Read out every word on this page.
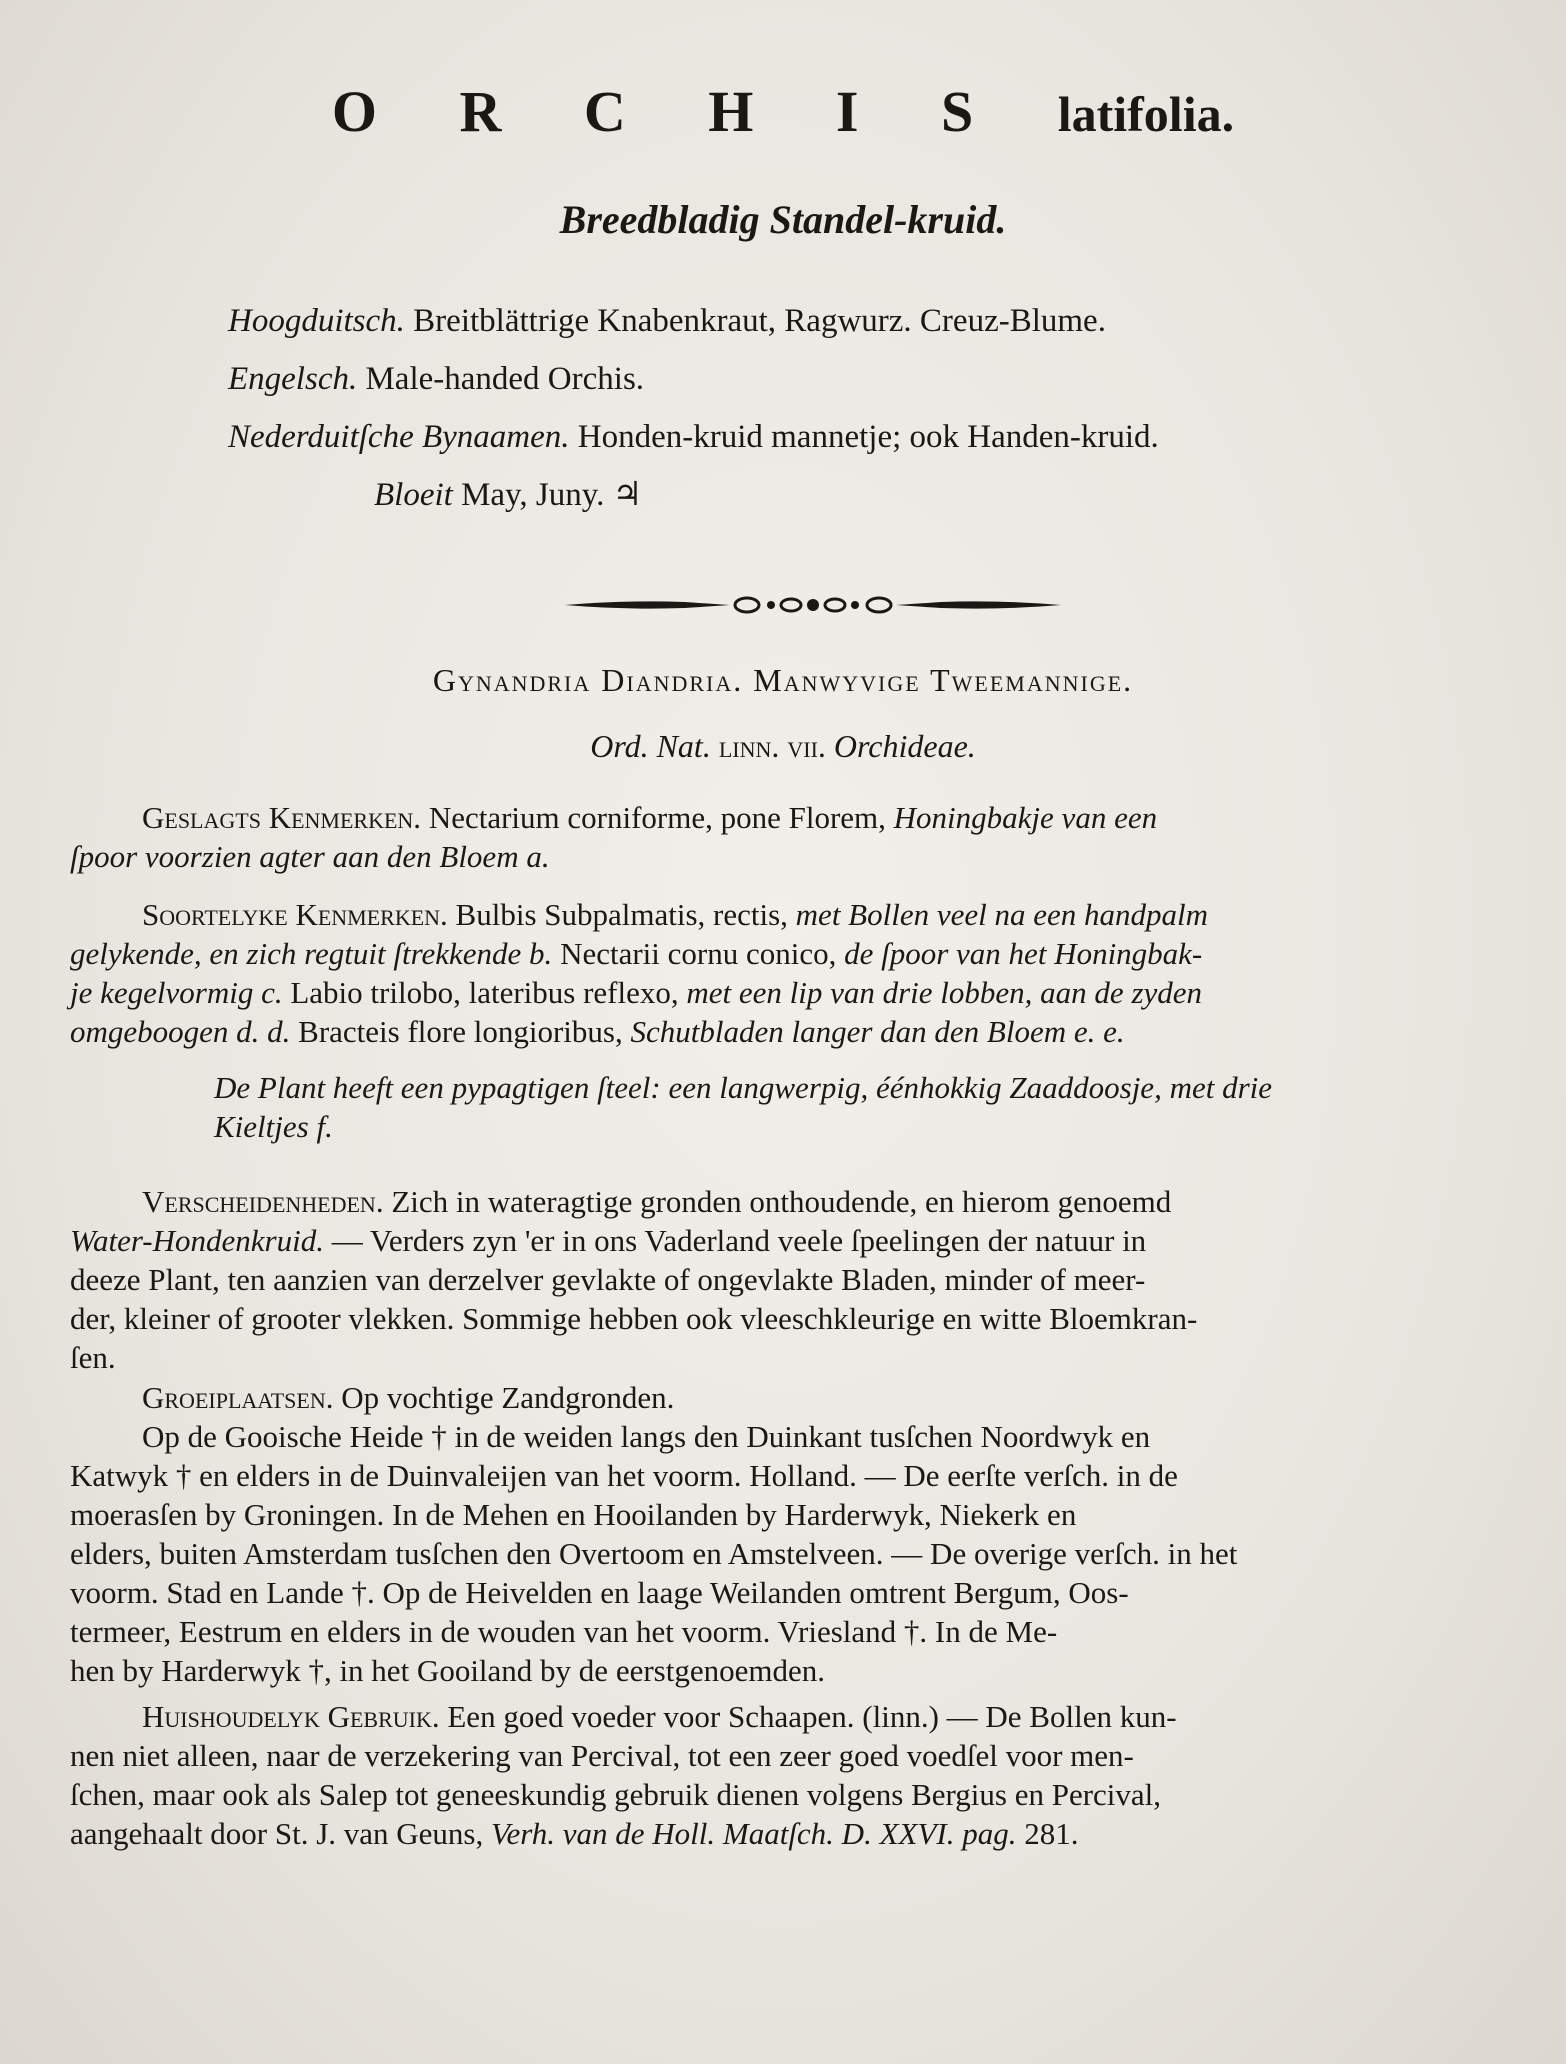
O R C H I S latifolia.
Breedbladig Standel-kruid.
Hoogduitsch. Breitblättrige Knabenkraut, Ragwurz. Creuz-Blume.
Engelsch. Male-handed Orchis.
Nederduitſche Bynaamen. Honden-kruid mannetje; ook Handen-kruid.
Bloeit May, Juny. ♃
Gynandria Diandria. Manwyvige Tweemannige.
Ord. Nat. linn. vii. Orchideae.
Geslagts Kenmerken. Nectarium corniforme, pone Florem, Honingbakje van een
ſpoor voorzien agter aan den Bloem a.
Soortelyke Kenmerken. Bulbis Subpalmatis, rectis, met Bollen veel na een handpalm
gelykende, en zich regtuit ſtrekkende b. Nectarii cornu conico, de ſpoor van het Honingbak-
je kegelvormig c. Labio trilobo, lateribus reflexo, met een lip van drie lobben, aan de zyden
omgeboogen d. d. Bracteis flore longioribus, Schutbladen langer dan den Bloem e. e.
De Plant heeft een pypagtigen ſteel: een langwerpig, éénhokkig Zaaddoosje, met drie
Kieltjes f.
Verscheidenheden. Zich in wateragtige gronden onthoudende, en hierom genoemd
Water-Hondenkruid. — Verders zyn 'er in ons Vaderland veele ſpeelingen der natuur in
deeze Plant, ten aanzien van derzelver gevlakte of ongevlakte Bladen, minder of meer-
der, kleiner of grooter vlekken. Sommige hebben ook vleeschkleurige en witte Bloemkran-
ſen.
Groeiplaatsen. Op vochtige Zandgronden.
Op de Gooische Heide † in de weiden langs den Duinkant tusſchen Noordwyk en
Katwyk † en elders in de Duinvaleijen van het voorm. Holland. — De eerſte verſch. in de
moerasſen by Groningen. In de Mehen en Hooilanden by Harderwyk, Niekerk en
elders, buiten Amsterdam tusſchen den Overtoom en Amstelveen. — De overige verſch. in het
voorm. Stad en Lande †. Op de Heivelden en laage Weilanden omtrent Bergum, Oos-
termeer, Eestrum en elders in de wouden van het voorm. Vriesland †. In de Me-
hen by Harderwyk †, in het Gooiland by de eerstgenoemden.
Huishoudelyk Gebruik. Een goed voeder voor Schaapen. (linn.) — De Bollen kun-
nen niet alleen, naar de verzekering van Percival, tot een zeer goed voedſel voor men-
ſchen, maar ook als Salep tot geneeskundig gebruik dienen volgens Bergius en Percival,
aangehaalt door St. J. van Geuns, Verh. van de Holl. Maatſch. D. XXVI. pag. 281.
